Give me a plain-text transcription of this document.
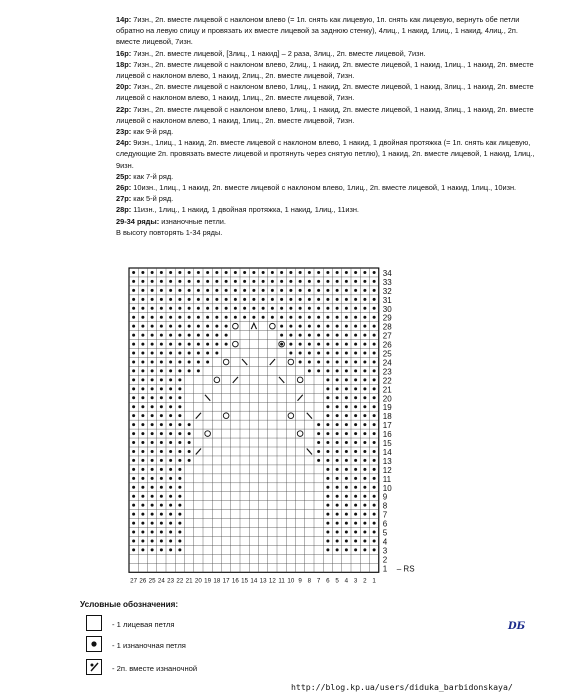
14р: 7изн., 2п. вместе лицевой с наклоном влево (= 1п. снять как лицевую, 1п. снять как лицевую, вернуть обе петли обратно на левую спицу и провязать их вместе лицевой за заднюю стенку), 4лиц., 1 накид, 1лиц., 1 накид, 4лиц., 2п. вместе лицевой, 7изн.

16р: 7изн., 2п. вместе лицевой, [3лиц., 1 накид] – 2 раза, 3лиц., 2п. вместе лицевой, 7изн.

18р: 7изн., 2п. вместе лицевой с наклоном влево, 2лиц., 1 накид, 2п. вместе лицевой, 1 накид, 1лиц., 1 накид, 2п. вместе лицевой с наклоном влево, 1 накид, 2лиц., 2п. вместе лицевой, 7изн.

20р: 7изн., 2п. вместе лицевой с наклоном влево, 1лиц., 1 накид, 2п. вместе лицевой, 1 накид, 3лиц., 1 накид, 2п. вместе лицевой с наклоном влево, 1 накид, 1лиц., 2п. вместе лицевой, 7изн.

22р: 7изн., 2п. вместе лицевой с наклоном влево, 1лиц., 1 накид, 2п. вместе лицевой, 1 накид, 3лиц., 1 накид, 2п. вместе лицевой с наклоном влево, 1 накид, 1лиц., 2п. вместе лицевой, 7изн.

23р: как 9-й ряд.

24р: 9изн., 1лиц., 1 накид, 2п. вместе лицевой с наклоном влево, 1 накид, 1 двойная протяжка (= 1п. снять как лицевую, следующие 2п. провязать вместе лицевой и протянуть через снятую петлю), 1 накид, 2п. вместе лицевой, 1 накид, 1лиц., 9изн.

25р: как 7-й ряд.

26р: 10изн., 1лиц., 1 накид, 2п. вместе лицевой с наклоном влево, 1лиц., 2п. вместе лицевой, 1 накид, 1лиц., 10изн.

27р: как 5-й ряд.

28р: 11изн., 1лиц., 1 накид, 1 двойная протяжка, 1 накид, 1лиц., 11изн.

29-34 ряды: изнаночные петли.

В высоту повторять 1-34 ряды.

34
33
32
31
30
29
28
27
26
25
24
23
22
21
20
19
18
17
16
15
14
13
12
11
10
9
8
7
6
5
4
3
2
1 – RS
27 26 25 24 23 22 21 20 19 18 17 16 15 14 13 12 11 10 9 8 7 6 5 4 3 2 1
Условные обозначения:
- 1 лицевая петля
- 1 изнаночная петля
- 2п. вместе изнаночной
DБ
http://blog.kp.ua/users/diduka_barbidonskaya/
